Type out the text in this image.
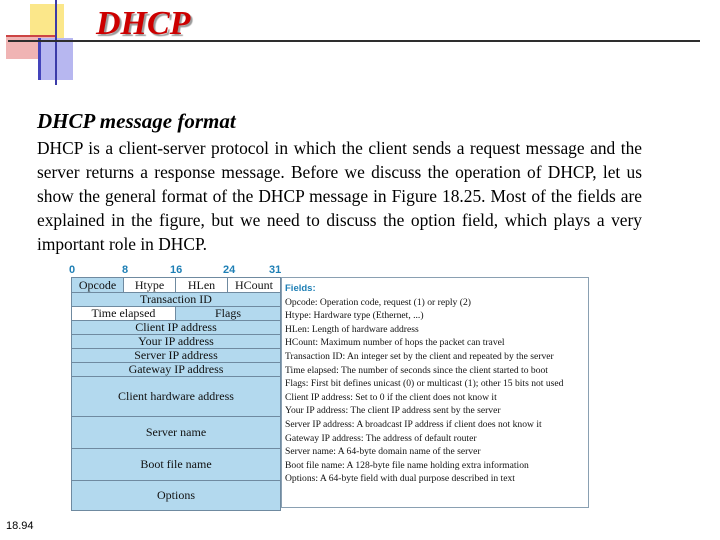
DHCP
DHCP message format

DHCP is a client-server protocol in which the client sends a request message and the server returns a response message. Before we discuss the operation of DHCP, let us show the general format of the DHCP message in Figure 18.25. Most of the fields are explained in the figure, but we need to discuss the option field, which plays a very important role in DHCP.

0	8	16	24	31
Opcode	Htype	HLen	HCount
Transaction ID
Time elapsed	Flags
Client IP address
Your IP address
Server IP address
Gateway IP address
Client hardware address
Server name
Boot file name
Options
Fields:
Opcode: Operation code, request (1) or reply (2)
Htype: Hardware type (Ethernet, ...)
HLen: Length of hardware address
HCount: Maximum number of hops the packet can travel
Transaction ID: An integer set by the client and repeated by the server
Time elapsed: The number of seconds since the client started to boot
Flags: First bit defines unicast (0) or multicast (1); other 15 bits not used
Client IP address: Set to 0 if the client does not know it
Your IP address: The client IP address sent by the server
Server IP address: A broadcast IP address if client does not know it
Gateway IP address: The address of default router
Server name: A 64-byte domain name of the server
Boot file name: A 128-byte file name holding extra information
Options: A 64-byte field with dual purpose described in text
18.94
